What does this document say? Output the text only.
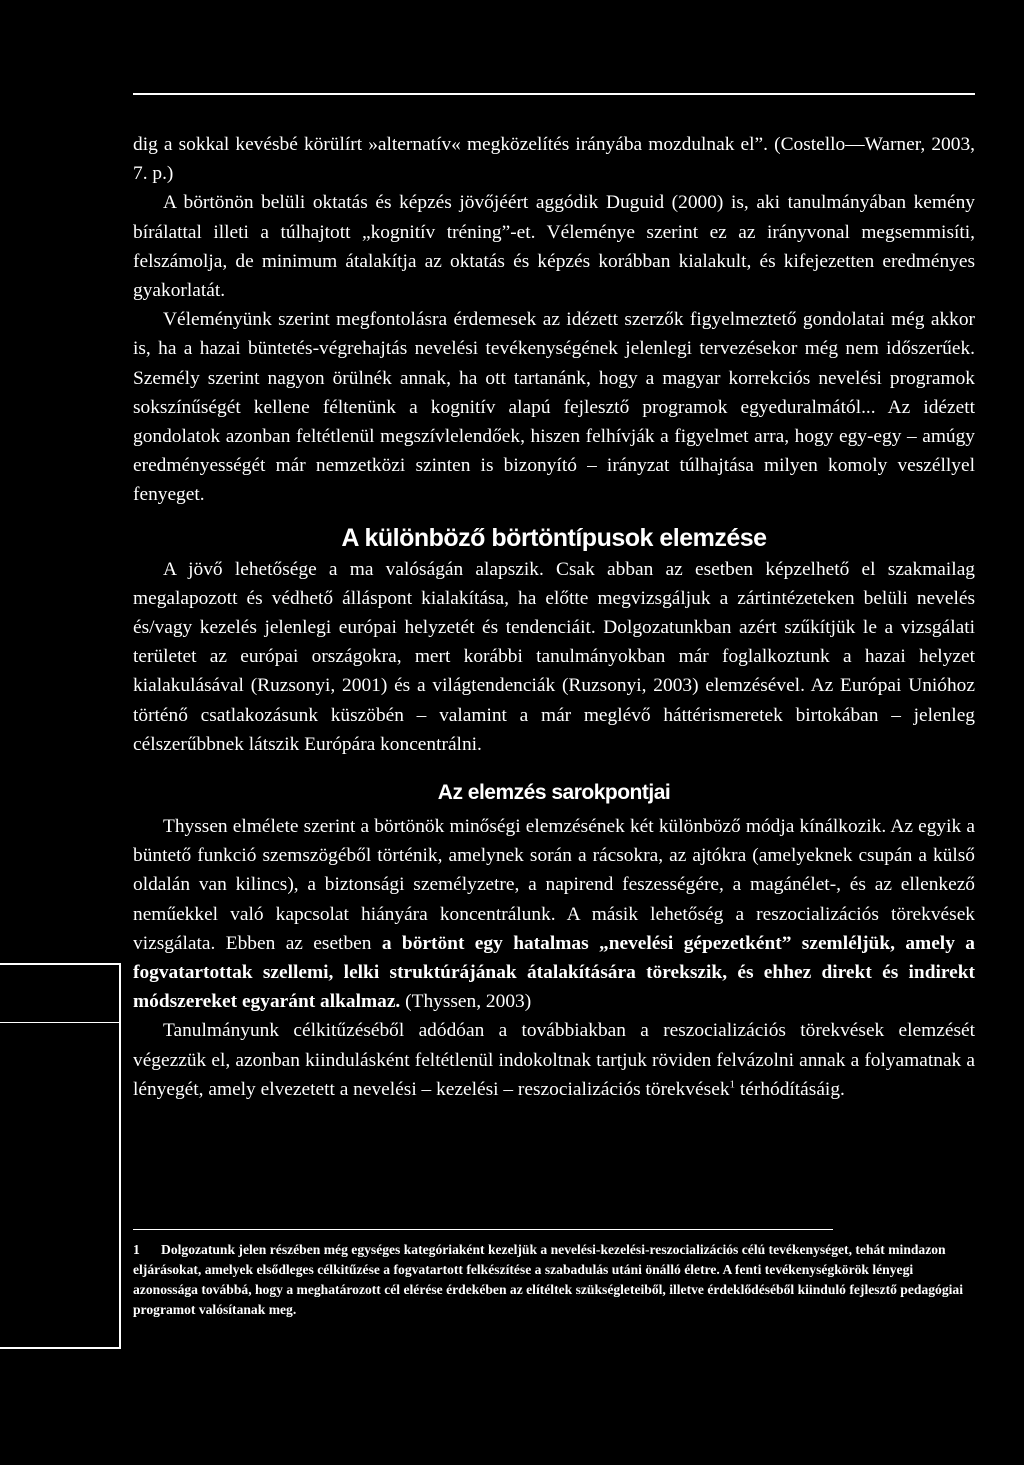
dig a sokkal kevésbé körülírt »alternatív« megközelítés irányába mozdulnak el”. (Costello—Warner, 2003, 7. p.)

A börtönön belüli oktatás és képzés jövőjéért aggódik Duguid (2000) is, aki tanulmányában kemény bírálattal illeti a túlhajtott „kognitív tréning”-et. Véleménye szerint ez az irányvonal megsemmisíti, felszámolja, de minimum átalakítja az oktatás és képzés korábban kialakult, és kifejezetten eredményes gyakorlatát.

Véleményünk szerint megfontolásra érdemesek az idézett szerzők figyelmeztető gondolatai még akkor is, ha a hazai büntetés-végrehajtás nevelési tevékenységének jelenlegi tervezésekor még nem időszerűek. Személy szerint nagyon örülnék annak, ha ott tartanánk, hogy a magyar korrekciós nevelési programok sokszínűségét kellene féltenünk a kognitív alapú fejlesztő programok egyeduralmától... Az idézett gondolatok azonban feltétlenül megszívlelendőek, hiszen felhívják a figyelmet arra, hogy egy-egy – amúgy eredményességét már nemzetközi szinten is bizonyító – irányzat túlhajtása milyen komoly veszéllyel fenyeget.

A különböző börtöntípusok elemzése

A jövő lehetősége a ma valóságán alapszik. Csak abban az esetben képzelhető el szakmailag megalapozott és védhető álláspont kialakítása, ha előtte megvizsgáljuk a zártintézeteken belüli nevelés és/vagy kezelés jelenlegi európai helyzetét és tendenciáit. Dolgozatunkban azért szűkítjük le a vizsgálati területet az európai országokra, mert korábbi tanulmányokban már foglalkoztunk a hazai helyzet kialakulásával (Ruzsonyi, 2001) és a világtendenciák (Ruzsonyi, 2003) elemzésével. Az Európai Unióhoz történő csatlakozásunk küszöbén – valamint a már meglévő háttérismeretek birtokában – jelenleg célszerűbbnek látszik Európára koncentrálni.

Az elemzés sarokpontjai

Thyssen elmélete szerint a börtönök minőségi elemzésének két különböző módja kínálkozik. Az egyik a büntető funkció szemszögéből történik, amelynek során a rácsokra, az ajtókra (amelyeknek csupán a külső oldalán van kilincs), a biztonsági személyzetre, a napirend feszességére, a magánélet-, és az ellenkező neműekkel való kapcsolat hiányára koncentrálunk. A másik lehetőség a reszocializációs törekvések vizsgálata. Ebben az esetben a börtönt egy hatalmas „nevelési gépezetként” szemléljük, amely a fogvatartottak szellemi, lelki struktúrájának átalakítására törekszik, és ehhez direkt és indirekt módszereket egyaránt alkalmaz. (Thyssen, 2003)

Tanulmányunk célkitűzéséből adódóan a továbbiakban a reszocializációs törekvések elemzését végezzük el, azonban kiindulásként feltétlenül indokoltnak tartjuk röviden felvázolni annak a folyamatnak a lényegét, amely elvezetett a nevelési – kezelési – reszocializációs törekvések$^1$ térhódításáig.

1 Dolgozatunk jelen részében még egységes kategóriaként kezeljük a nevelési-kezelési-reszocializációs célú tevékenységet, tehát mindazon eljárásokat, amelyek elsődleges célkitűzése a fogvatartott felkészítése a szabadulás utáni önálló életre. A fenti tevékenységkörök lényegi azonossága továbbá, hogy a meghatározott cél elérése érdekében az elítéltek szükségleteiből, illetve érdeklődéséből kiinduló fejlesztő pedagógiai programot valósítanak meg.
